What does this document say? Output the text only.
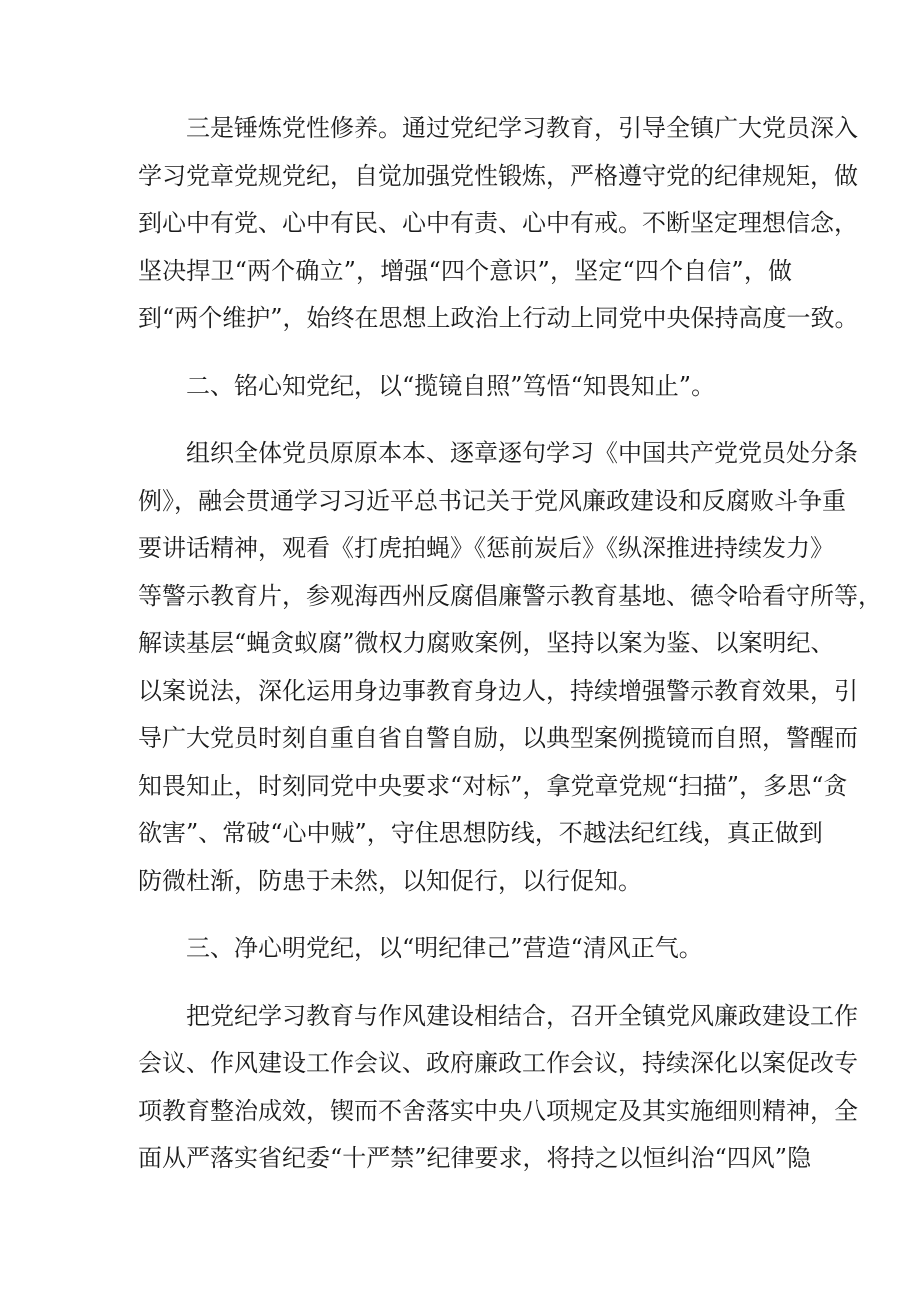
三是锤炼党性修养。通过党纪学习教育，引导全镇广大党员深入
学习党章党规党纪，自觉加强党性锻炼，严格遵守党的纪律规矩，做
到心中有党、心中有民、心中有责、心中有戒。不断坚定理想信念，
坚决捍卫“两个确立”，增强“四个意识”，坚定“四个自信”，做
到“两个维护”，始终在思想上政治上行动上同党中央保持高度一致。
二、铭心知党纪，以“揽镜自照”笃悟“知畏知止”。
组织全体党员原原本本、逐章逐句学习《中国共产党党员处分条
例》，融会贯通学习习近平总书记关于党风廉政建设和反腐败斗争重
要讲话精神，观看《打虎拍蝇》《惩前炭后》《纵深推进持续发力》
等警示教育片，参观海西州反腐倡廉警示教育基地、德令哈看守所等，
解读基层“蝇贪蚁腐”微权力腐败案例，坚持以案为鉴、以案明纪、
以案说法，深化运用身边事教育身边人，持续增强警示教育效果，引
导广大党员时刻自重自省自警自励，以典型案例揽镜而自照，警醒而
知畏知止，时刻同党中央要求“对标”，拿党章党规“扫描”，多思“贪
欲害”、常破“心中贼”，守住思想防线，不越法纪红线，真正做到
防微杜渐，防患于未然，以知促行，以行促知。
三、净心明党纪，以“明纪律己”营造“清风正气。
把党纪学习教育与作风建设相结合，召开全镇党风廉政建设工作
会议、作风建设工作会议、政府廉政工作会议，持续深化以案促改专
项教育整治成效，锲而不舍落实中央八项规定及其实施细则精神，全
面从严落实省纪委“十严禁”纪律要求，将持之以恒纠治“四风”隐
